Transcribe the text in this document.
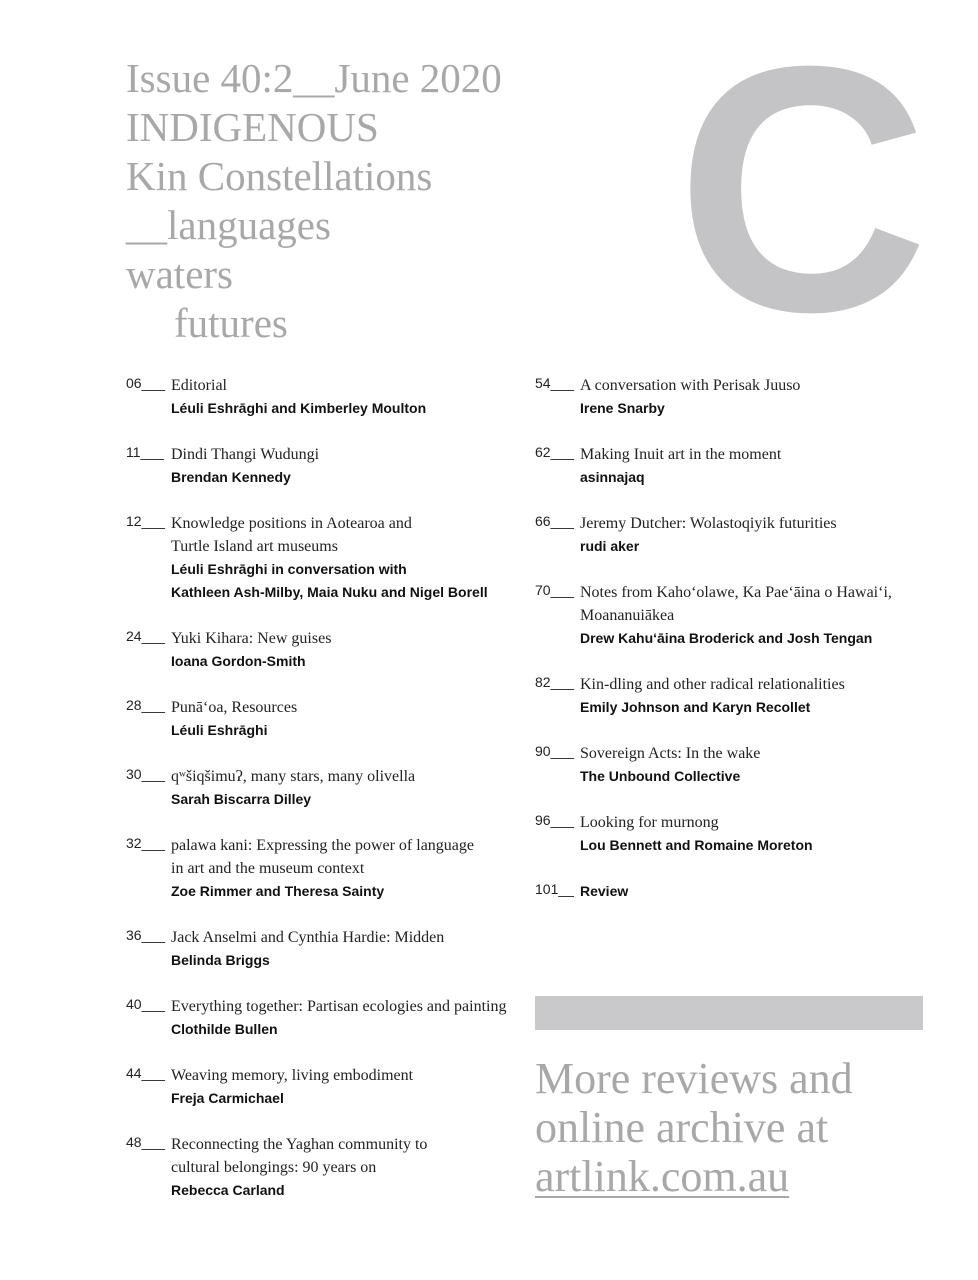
Issue 40:2__June 2020
INDIGENOUS
Kin Constellations
__languages
waters
futures	C
06___ Editorial
Léuli Eshrāghi and Kimberley Moulton
11___ Dindi Thangi Wudungi
Brendan Kennedy
12___ Knowledge positions in Aotearoa and
Turtle Island art museums
Léuli Eshrāghi in conversation with
Kathleen Ash-Milby, Maia Nuku and Nigel Borell
24___ Yuki Kihara: New guises
Ioana Gordon-Smith
28___ Punā‘oa, Resources
Léuli Eshrāghi
30___ qʷšiqšimuʔ, many stars, many olivella
Sarah Biscarra Dilley
32___ palawa kani: Expressing the power of language
in art and the museum context
Zoe Rimmer and Theresa Sainty
36___ Jack Anselmi and Cynthia Hardie: Midden
Belinda Briggs
40___ Everything together: Partisan ecologies and painting
Clothilde Bullen
44___ Weaving memory, living embodiment
Freja Carmichael
48___ Reconnecting the Yaghan community to
cultural belongings: 90 years on
Rebecca Carland
54___ A conversation with Perisak Juuso
Irene Snarby
62___ Making Inuit art in the moment
asinnajaq
66___ Jeremy Dutcher: Wolastoqiyik futurities
rudi aker
70___ Notes from Kaho‘olawe, Ka Pae‘āina o Hawai‘i,
Moananuiākea
Drew Kahu‘āina Broderick and Josh Tengan
82___ Kin-dling and other radical relationalities
Emily Johnson and Karyn Recollet
90___ Sovereign Acts: In the wake
The Unbound Collective
96___ Looking for murnong
Lou Bennett and Romaine Moreton
101__ Review
More reviews and
online archive at
artlink.com.au
